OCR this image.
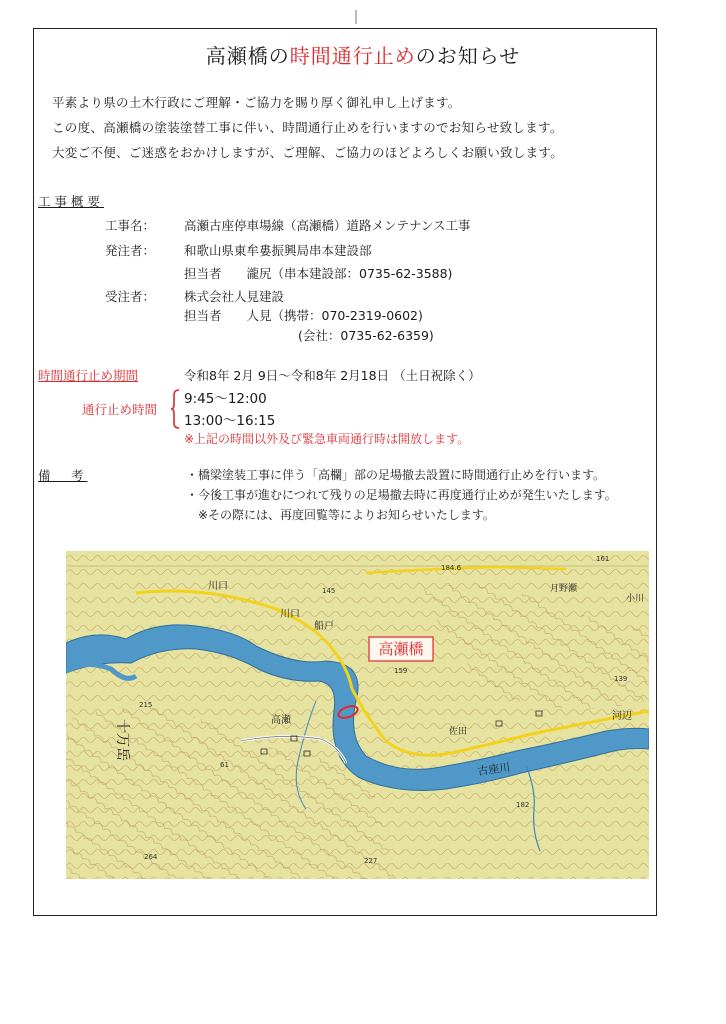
高瀬橋の時間通行止めのお知らせ
平素より県の土木行政にご理解・ご協力を賜り厚く御礼申し上げます。
この度、高瀬橋の塗装塗替工事に伴い、時間通行止めを行いますのでお知らせ致します。
大変ご不便、ご迷惑をおかけしますが、ご理解、ご協力のほどよろしくお願い致します。
工事概要
工事名： 高瀬古座停車場線（高瀬橋）道路メンテナンス工事
発注者： 和歌山県東牟婁振興局串本建設部
担当者　　瀧尻（串本建設部：0735-62-3588)
受注者： 株式会社人見建設
担当者　　人見（携帯：070-2319-0602)
(会社：0735-62-6359)
時間通行止め期間	令和8年 2月 9日～令和8年 2月18日 （土日祝除く）
通行止め時間
9:45～12:00
13:00～16:15
※上記の時間以外及び緊急車両通行時は開放します。
備　考	・橋梁塗装工事に伴う「高欄」部の足場撤去設置に時間通行止めを行います。
・今後工事が進むにつれて残りの足場撤去時に再度通行止めが発生いたします。
※その際には、再度回覧等によりお知らせいたします。
高瀬橋
川口
川口
船戸
高瀬
十万岳
古座川
月野瀬
小川
河辺
佐田
184.6
145
159
215
61
161
139
182
264	227
